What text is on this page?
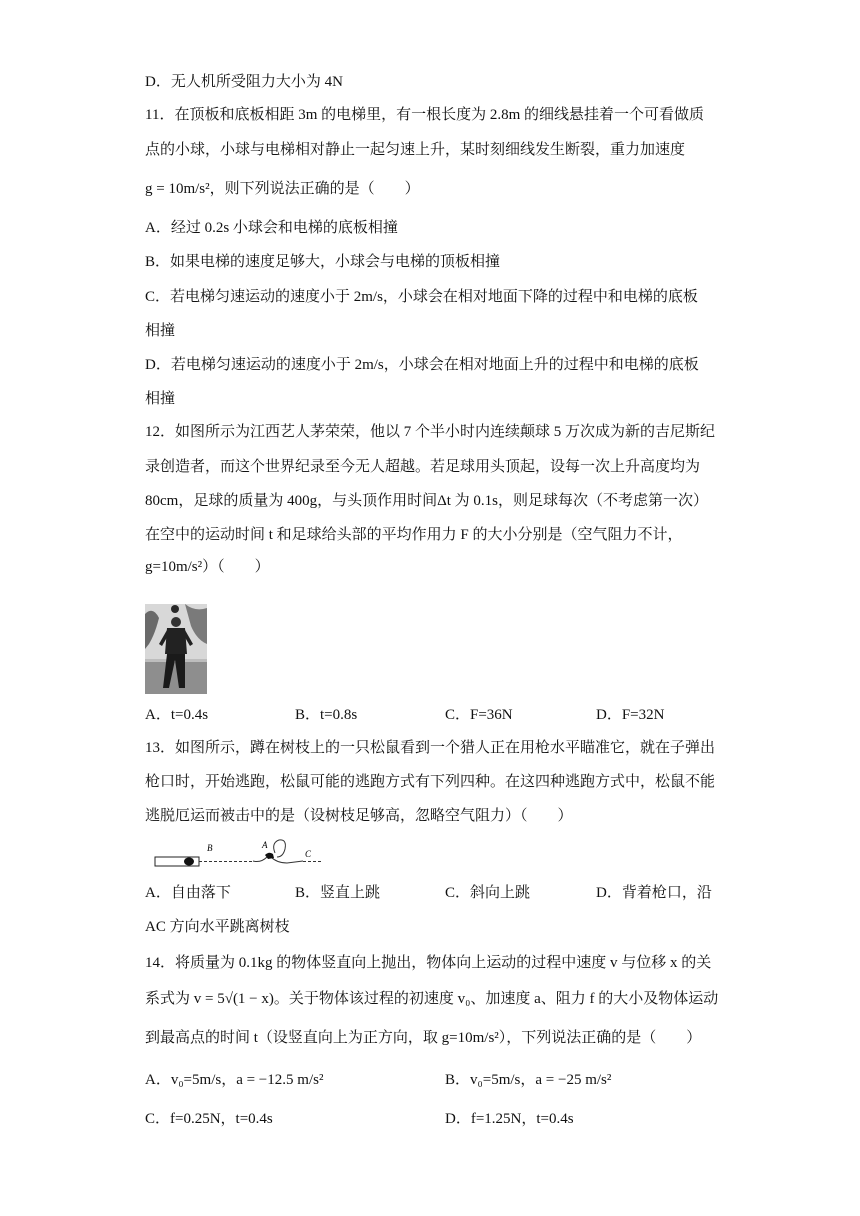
D．无人机所受阻力大小为 4N
11．在顶板和底板相距 3m 的电梯里，有一根长度为 2.8m 的细线悬挂着一个可看做质
点的小球，小球与电梯相对静止一起匀速上升，某时刻细线发生断裂，重力加速度
g = 10m/s²，则下列说法正确的是（　　）
A．经过 0.2s 小球会和电梯的底板相撞
B．如果电梯的速度足够大，小球会与电梯的顶板相撞
C．若电梯匀速运动的速度小于 2m/s，小球会在相对地面下降的过程中和电梯的底板
相撞
D．若电梯匀速运动的速度小于 2m/s，小球会在相对地面上升的过程中和电梯的底板
相撞
12．如图所示为江西艺人茅荣荣，他以 7 个半小时内连续颠球 5 万次成为新的吉尼斯纪
录创造者，而这个世界纪录至今无人超越。若足球用头顶起，设每一次上升高度均为
80cm，足球的质量为 400g，与头顶作用时间Δt 为 0.1s，则足球每次（不考虑第一次）
在空中的运动时间 t 和足球给头部的平均作用力 F 的大小分别是（空气阻力不计，
g=10m/s²）（　　）
A．t=0.4s	B．t=0.8s	C．F=36N	D．F=32N
13．如图所示，蹲在树枝上的一只松鼠看到一个猎人正在用枪水平瞄准它，就在子弹出
枪口时，开始逃跑，松鼠可能的逃跑方式有下列四种。在这四种逃跑方式中，松鼠不能
逃脱厄运而被击中的是（设树枝足够高，忽略空气阻力）（　　）
B	A
C
A．自由落下	B．竖直上跳	C．斜向上跳	D．背着枪口，沿
AC 方向水平跳离树枝
14．将质量为 0.1kg 的物体竖直向上抛出，物体向上运动的过程中速度 v 与位移 x 的关
系式为 v = 5√(1 − x)。关于物体该过程的初速度 v₀、加速度 a、阻力 f 的大小及物体运动
到最高点的时间 t（设竖直向上为正方向，取 g=10m/s²），下列说法正确的是（　　）
A．v₀=5m/s，a = −12.5 m/s²	B．v₀=5m/s，a = −25 m/s²
C．f=0.25N，t=0.4s	D．f=1.25N，t=0.4s
